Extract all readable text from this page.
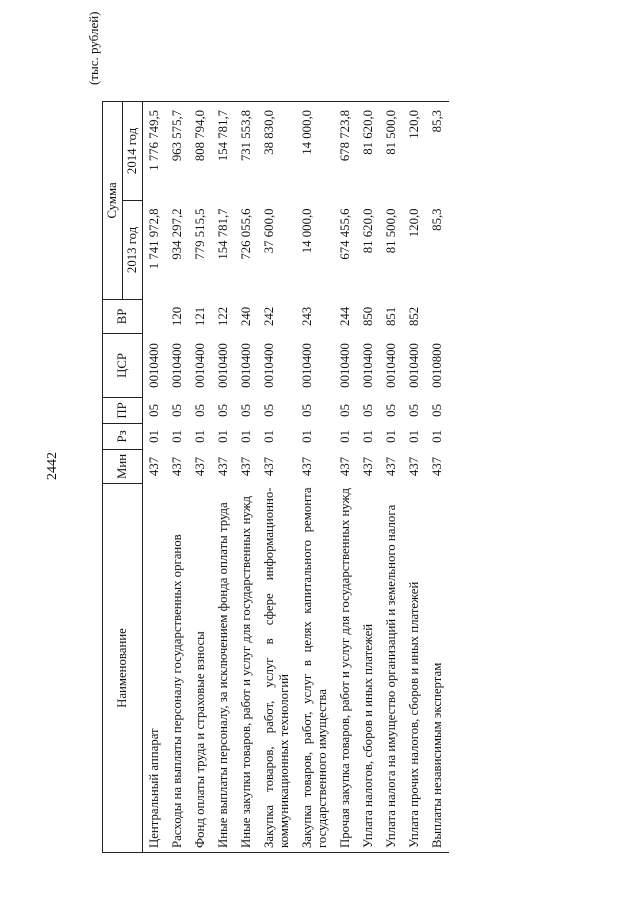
2442
(тыс. рублей)
Наименование	Мин	Рз	ПР	ЦСР	ВР	Сумма	
						2013 год	2014 год
Центральный аппарат	437	01	05	0010400		1 741 972,8	1 776 749,5
Расходы на выплаты персоналу государственных органов	437	01	05	0010400	120	934 297,2	963 575,7
Фонд оплаты труда и страховые взносы	437	01	05	0010400	121	779 515,5	808 794,0
Иные выплаты персоналу, за исключением фонда оплаты труда	437	01	05	0010400	122	154 781,7	154 781,7
Иные закупки товаров, работ и услуг для государственных нужд	437	01	05	0010400	240	726 055,6	731 553,8
Закупка товаров, работ, услуг в сфере информационно-коммуникационных технологий	437	01	05	0010400	242	37 600,0	38 830,0
Закупка товаров, работ, услуг в целях капитального ремонта государственного имущества	437	01	05	0010400	243	14 000,0	14 000,0
Прочая закупка товаров, работ и услуг для государственных нужд	437	01	05	0010400	244	674 455,6	678 723,8
Уплата налогов, сборов и иных платежей	437	01	05	0010400	850	81 620,0	81 620,0
Уплата налога на имущество организаций и земельного налога	437	01	05	0010400	851	81 500,0	81 500,0
Уплата прочих налогов, сборов и иных платежей	437	01	05	0010400	852	120,0	120,0
Выплаты независимым экспертам	437	01	05	0010800		85,3	85,3
